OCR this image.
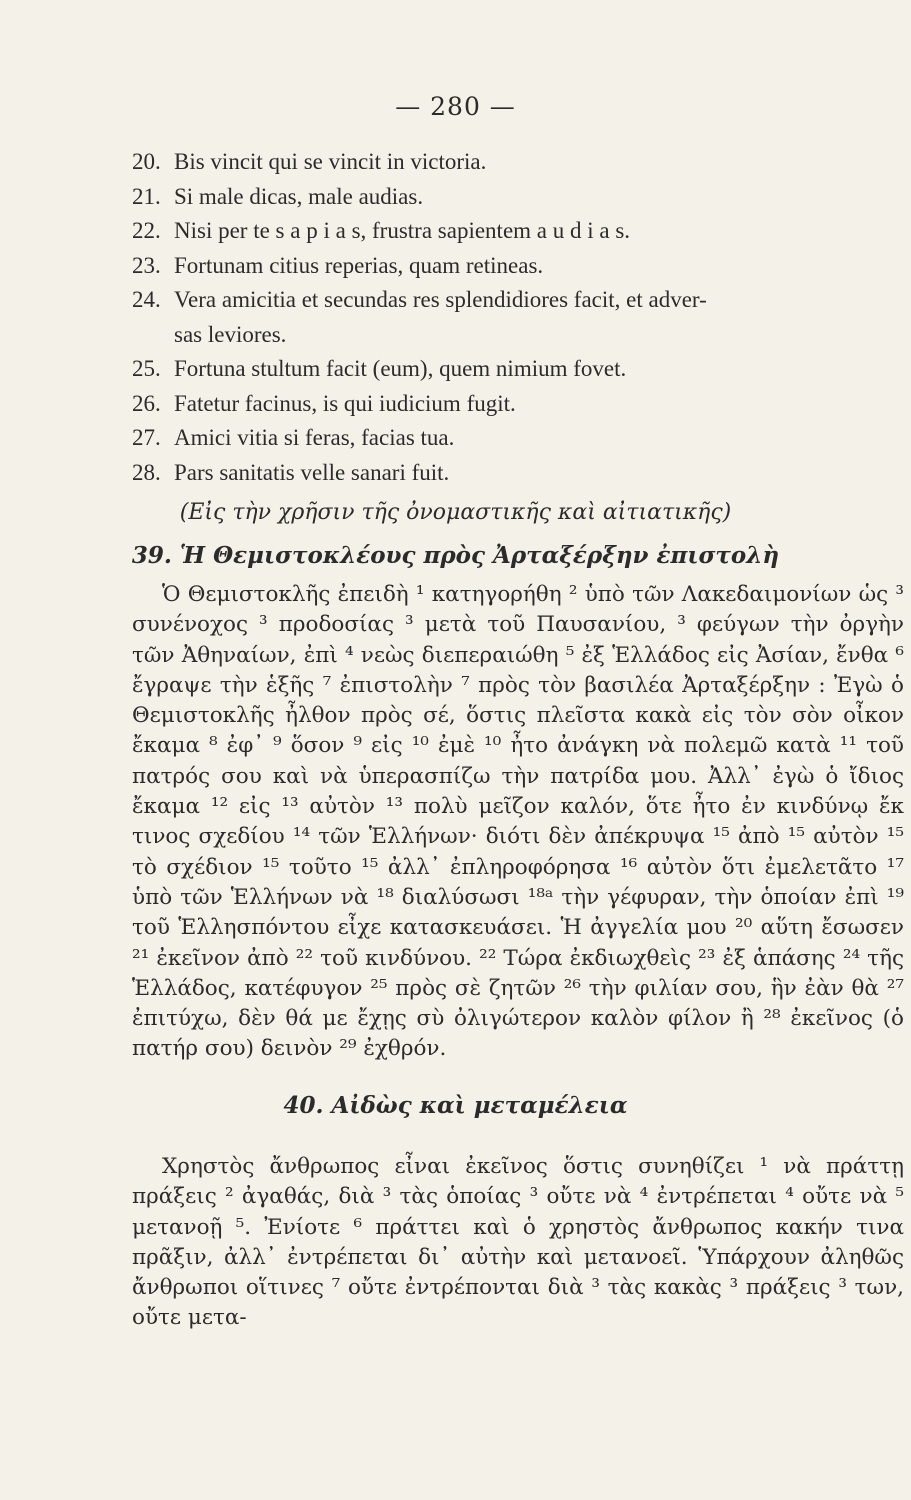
— 280 —
20. Bis vincit qui se vincit in victoria.
21. Si male dicas, male audias.
22. Nisi per te s a p i a s, frustra sapientem a u d i a s.
23. Fortunam citius reperias, quam retineas.
24. Vera amicitia et secundas res splendidiores facit, et adver-
sas leviores.
25. Fortuna stultum facit (eum), quem nimium fovet.
26. Fatetur facinus, is qui iudicium fugit.
27. Amici vitia si feras, facias tua.
28. Pars sanitatis velle sanari fuit.
(Εἰς τὴν χρῆσιν τῆς ὀνομαστικῆς καὶ αἰτιατικῆς)
39. Ἡ Θεμιστοκλέους πρὸς Ἀρταξέρξην ἐπιστολὴ

Ὁ Θεμιστοκλῆς ἐπειδὴ ¹ κατηγορήθη ² ὑπὸ τῶν Λακεδαιμονίων ὡς ³ συνένοχος ³ προδοσίας ³ μετὰ τοῦ Παυσανίου, ³ φεύγων τὴν ὀργὴν τῶν Ἀθηναίων, ἐπὶ ⁴ νεὼς διεπεραιώθη ⁵ ἐξ Ἑλλάδος εἰς Ἀσίαν, ἔνθα ⁶ ἔγραψε τὴν ἑξῆς ⁷ ἐπιστολὴν ⁷ πρὸς τὸν βασιλέα Ἀρταξέρξην : Ἐγὼ ὁ Θεμιστοκλῆς ἦλθον πρὸς σέ, ὅστις πλεῖστα κακὰ εἰς τὸν σὸν οἶκον ἔκαμα ⁸ ἐφ᾽ ⁹ ὅσον ⁹ εἰς ¹⁰ ἐμὲ ¹⁰ ἦτο ἀνάγκη νὰ πολεμῶ κατὰ ¹¹ τοῦ πατρός σου καὶ νὰ ὑπερασπίζω τὴν πατρίδα μου. Ἀλλ᾽ ἐγὼ ὁ ἴδιος ἔκαμα ¹² εἰς ¹³ αὐτὸν ¹³ πολὺ μεῖζον καλόν, ὅτε ἦτο ἐν κινδύνῳ ἔκ τινος σχεδίου ¹⁴ τῶν Ἑλλήνων· διότι δὲν ἀπέκρυψα ¹⁵ ἀπὸ ¹⁵ αὐτὸν ¹⁵ τὸ σχέδιον ¹⁵ τοῦτο ¹⁵ ἀλλ᾽ ἐπληροφόρησα ¹⁶ αὐτὸν ὅτι ἐμελετᾶτο ¹⁷ ὑπὸ τῶν Ἑλλήνων νὰ ¹⁸ διαλύσωσι ¹⁸ᵃ τὴν γέφυραν, τὴν ὁποίαν ἐπὶ ¹⁹ τοῦ Ἑλλησπόντου εἶχε κατασκευάσει. Ἡ ἀγγελία μου ²⁰ αὕτη ἔσωσεν ²¹ ἐκεῖνον ἀπὸ ²² τοῦ κινδύνου. ²² Τώρα ἐκδιωχθεὶς ²³ ἐξ ἁπάσης ²⁴ τῆς Ἑλλάδος, κατέφυγον ²⁵ πρὸς σὲ ζητῶν ²⁶ τὴν φιλίαν σου, ἣν ἐὰν θὰ ²⁷ ἐπιτύχω, δὲν θά με ἔχῃς σὺ ὀλιγώτερον καλὸν φίλον ἢ ²⁸ ἐκεῖνος (ὁ πατήρ σου) δεινὸν ²⁹ ἐχθρόν.

40. Αἰδὼς καὶ μεταμέλεια

Χρηστὸς ἄνθρωπος εἶναι ἐκεῖνος ὅστις συνηθίζει ¹ νὰ πράττῃ πράξεις ² ἀγαθάς, διὰ ³ τὰς ὁποίας ³ οὔτε νὰ ⁴ ἐντρέπεται ⁴ οὔτε νὰ ⁵ μετανοῇ ⁵. Ἐνίοτε ⁶ πράττει καὶ ὁ χρηστὸς ἄνθρωπος κακήν τινα πρᾶξιν, ἀλλ᾽ ἐντρέπεται δι᾽ αὐτὴν καὶ μετανοεῖ. Ὑπάρχουν ἀληθῶς ἄνθρωποι οἵτινες ⁷ οὔτε ἐντρέπονται διὰ ³ τὰς κακὰς ³ πράξεις ³ των, οὔτε μετα-
